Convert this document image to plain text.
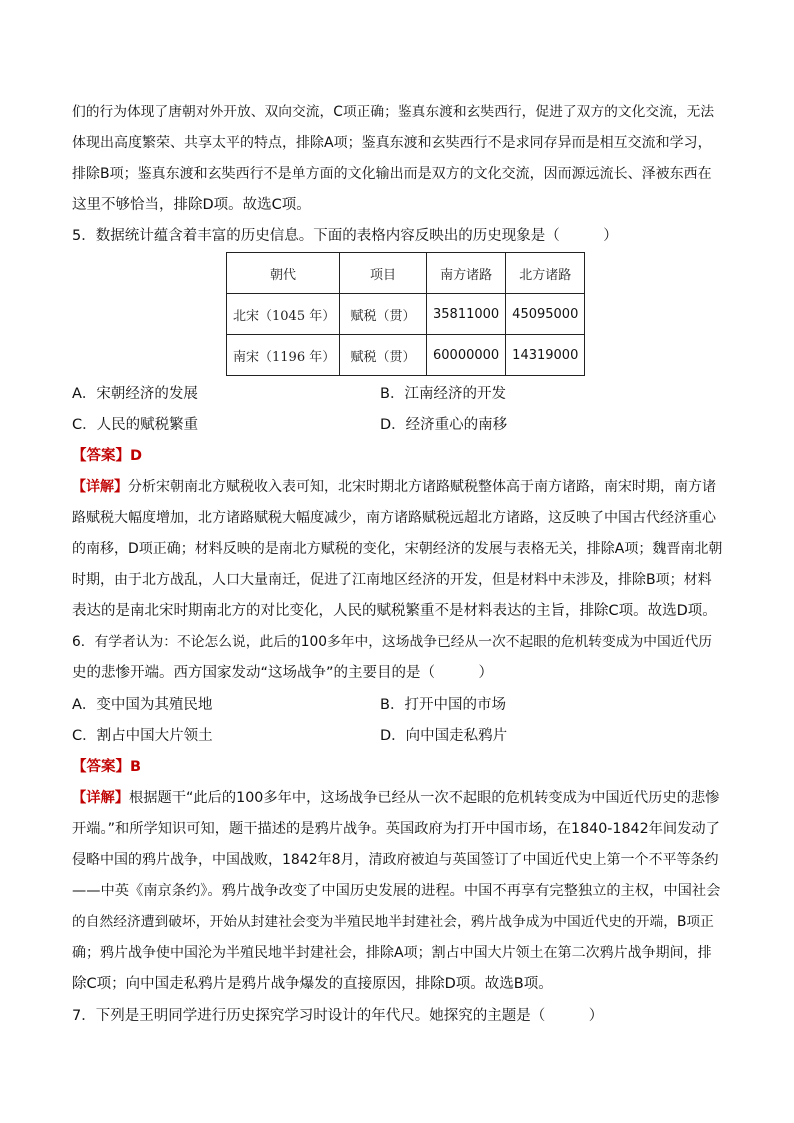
们的行为体现了唐朝对外开放、双向交流，C项正确；鉴真东渡和玄奘西行，促进了双方的文化交流，无法
体现出高度繁荣、共享太平的特点，排除A项；鉴真东渡和玄奘西行不是求同存异而是相互交流和学习，
排除B项；鉴真东渡和玄奘西行不是单方面的文化输出而是双方的文化交流，因而源远流长、泽被东西在
这里不够恰当，排除D项。故选C项。
5．数据统计蕴含着丰富的历史信息。下面的表格内容反映出的历史现象是（　　　）
朝代	项目	南方诸路	北方诸路
北宋（1045 年）	赋税（贯）	35811000	45095000
南宋（1196 年）	赋税（贯）	60000000	14319000
A．宋朝经济的发展	B．江南经济的开发
C．人民的赋税繁重	D．经济重心的南移
【答案】D
【详解】分析宋朝南北方赋税收入表可知，北宋时期北方诸路赋税整体高于南方诸路，南宋时期，南方诸
路赋税大幅度增加，北方诸路赋税大幅度减少，南方诸路赋税远超北方诸路，这反映了中国古代经济重心
的南移，D项正确；材料反映的是南北方赋税的变化，宋朝经济的发展与表格无关，排除A项；魏晋南北朝
时期，由于北方战乱，人口大量南迁，促进了江南地区经济的开发，但是材料中未涉及，排除B项；材料
表达的是南北宋时期南北方的对比变化，人民的赋税繁重不是材料表达的主旨，排除C项。故选D项。
6．有学者认为：不论怎么说，此后的100多年中，这场战争已经从一次不起眼的危机转变成为中国近代历
史的悲惨开端。西方国家发动“这场战争”的主要目的是（　　　）
A．变中国为其殖民地	B．打开中国的市场
C．割占中国大片领土	D．向中国走私鸦片
【答案】B
【详解】根据题干“此后的100多年中，这场战争已经从一次不起眼的危机转变成为中国近代历史的悲惨
开端。”和所学知识可知，题干描述的是鸦片战争。英国政府为打开中国市场，在1840-1842年间发动了
侵略中国的鸦片战争，中国战败，1842年8月，清政府被迫与英国签订了中国近代史上第一个不平等条约
——中英《南京条约》。鸦片战争改变了中国历史发展的进程。中国不再享有完整独立的主权，中国社会
的自然经济遭到破坏，开始从封建社会变为半殖民地半封建社会，鸦片战争成为中国近代史的开端，B项正
确；鸦片战争使中国沦为半殖民地半封建社会，排除A项；割占中国大片领土在第二次鸦片战争期间，排
除C项；向中国走私鸦片是鸦片战争爆发的直接原因，排除D项。故选B项。
7．下列是王明同学进行历史探究学习时设计的年代尺。她探究的主题是（　　　）
